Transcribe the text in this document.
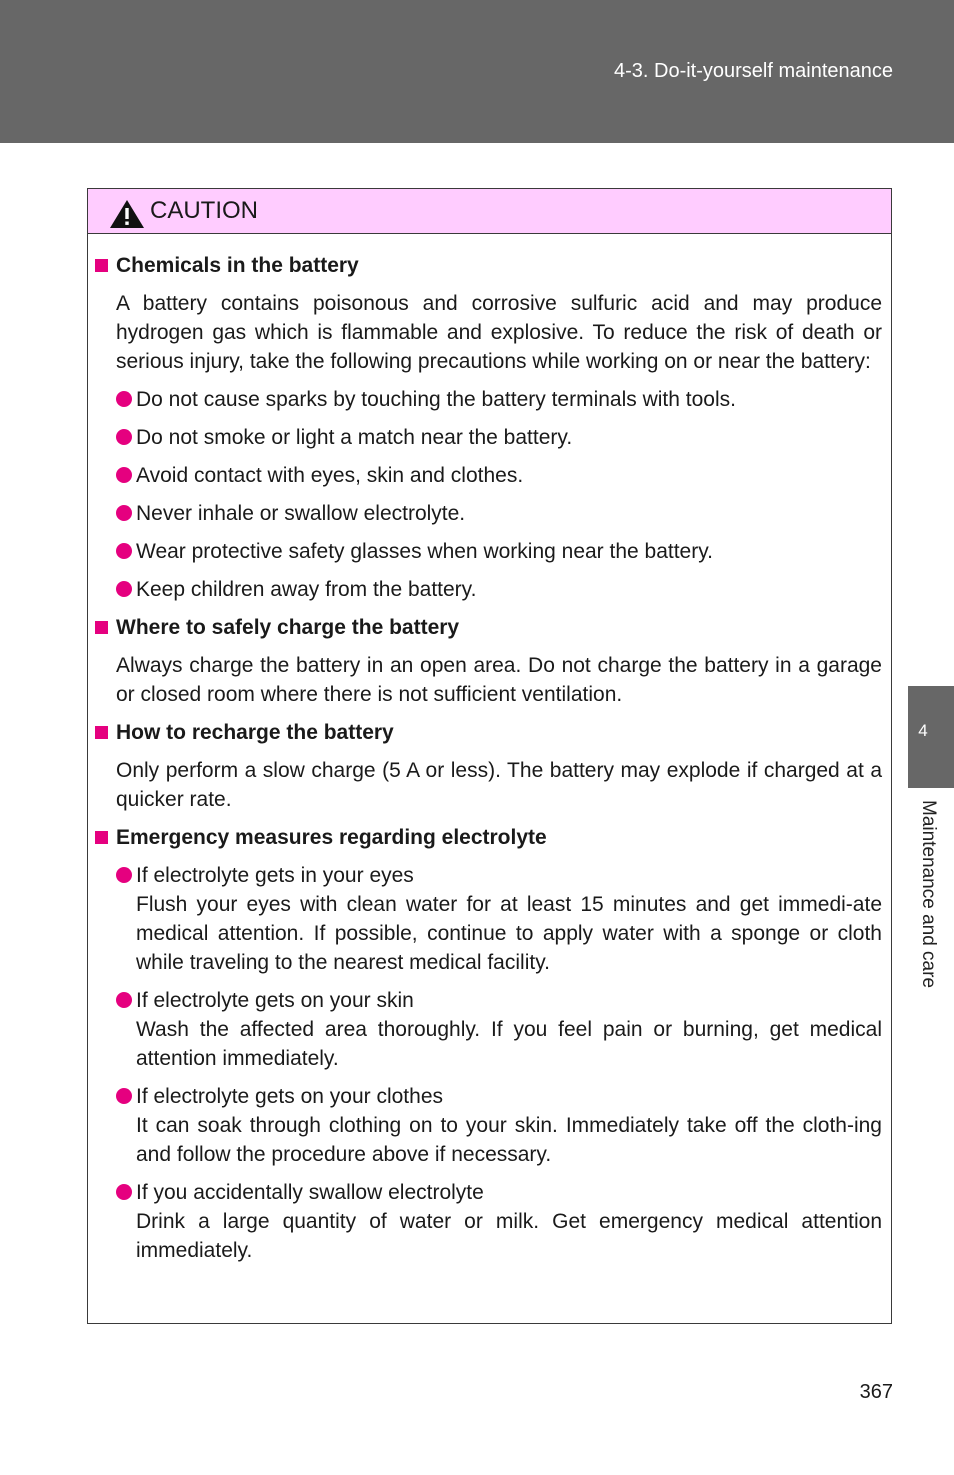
4-3. Do-it-yourself maintenance
4
Maintenance and care
CAUTION
Chemicals in the battery
A battery contains poisonous and corrosive sulfuric acid and may produce hydrogen gas which is flammable and explosive. To reduce the risk of death or serious injury, take the following precautions while working on or near the battery:
Do not cause sparks by touching the battery terminals with tools.
Do not smoke or light a match near the battery.
Avoid contact with eyes, skin and clothes.
Never inhale or swallow electrolyte.
Wear protective safety glasses when working near the battery.
Keep children away from the battery.
Where to safely charge the battery
Always charge the battery in an open area. Do not charge the battery in a garage or closed room where there is not sufficient ventilation.
How to recharge the battery
Only perform a slow charge (5 A or less). The battery may explode if charged at a quicker rate.
Emergency measures regarding electrolyte
If electrolyte gets in your eyes
Flush your eyes with clean water for at least 15 minutes and get immedi-ate medical attention. If possible, continue to apply water with a sponge or cloth while traveling to the nearest medical facility.
If electrolyte gets on your skin
Wash the affected area thoroughly. If you feel pain or burning, get medical attention immediately.
If electrolyte gets on your clothes
It can soak through clothing on to your skin. Immediately take off the cloth-ing and follow the procedure above if necessary.
If you accidentally swallow electrolyte
Drink a large quantity of water or milk. Get emergency medical attention immediately.
367
